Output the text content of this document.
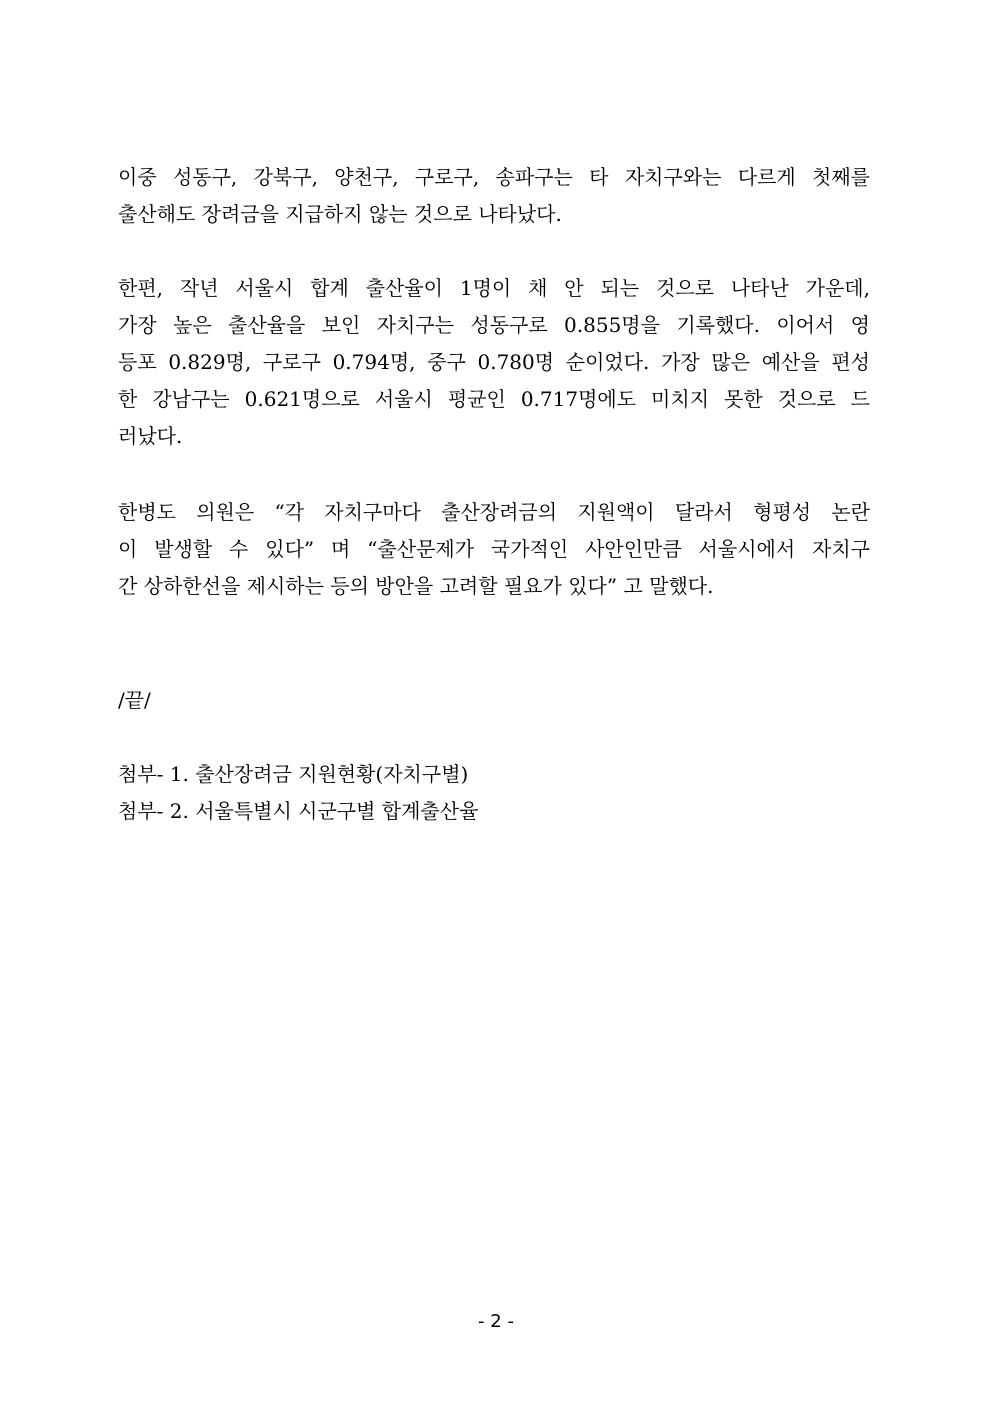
이중 성동구, 강북구, 양천구, 구로구, 송파구는 타 자치구와는 다르게 첫째를
출산해도 장려금을 지급하지 않는 것으로 나타났다.
한편, 작년 서울시 합계 출산율이 1명이 채 안 되는 것으로 나타난 가운데,
가장 높은 출산율을 보인 자치구는 성동구로 0.855명을 기록했다. 이어서 영
등포 0.829명, 구로구 0.794명, 중구 0.780명 순이었다. 가장 많은 예산을 편성
한 강남구는 0.621명으로 서울시 평균인 0.717명에도 미치지 못한 것으로 드
러났다.
한병도 의원은 “각 자치구마다 출산장려금의 지원액이 달라서 형평성 논란
이 발생할 수 있다” 며 “출산문제가 국가적인 사안인만큼 서울시에서 자치구
간 상하한선을 제시하는 등의 방안을 고려할 필요가 있다” 고 말했다.
/끝/
첨부- 1. 출산장려금 지원현황(자치구별)
첨부- 2. 서울특별시 시군구별 합계출산율
- 2 -
